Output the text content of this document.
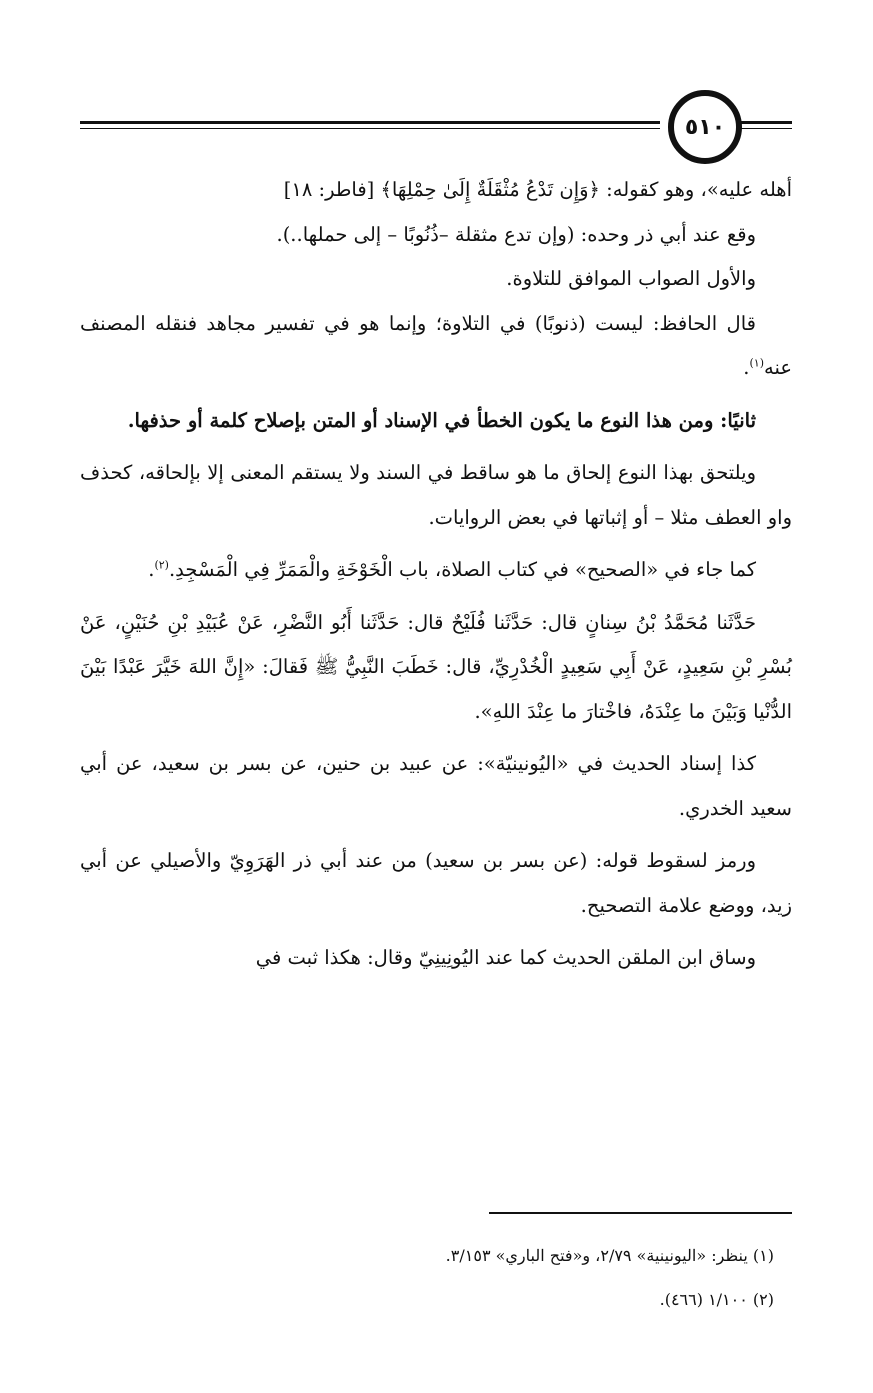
٥١٠

أهله عليه»، وهو كقوله: ﴿وَإِن تَدْعُ مُثْقَلَةٌ إِلَىٰ حِمْلِهَا﴾ [فاطر: ١٨]

وقع عند أبي ذر وحده: (وإن تدع مثقلة –ذُنُوبًا – إلى حملها..).

والأول الصواب الموافق للتلاوة.

قال الحافظ: ليست (ذنوبًا) في التلاوة؛ وإنما هو في تفسير مجاهد فنقله المصنف عنه$^{(١)}$.

ثانيًا: ومن هذا النوع ما يكون الخطأ في الإسناد أو المتن بإصلاح كلمة أو حذفها.

ويلتحق بهذا النوع إلحاق ما هو ساقط في السند ولا يستقم المعنى إلا بإلحاقه، كحذف واو العطف مثلا – أو إثباتها في بعض الروايات.

كما جاء في «الصحيح» في كتاب الصلاة، باب الْخَوْخَةِ والْمَمَرِّ فِي الْمَسْجِدِ.$^{(٢)}$.

حَدَّثَنا مُحَمَّدُ بْنُ سِنانٍ قال: حَدَّثَنا فُلَيْحٌ قال: حَدَّثَنا أَبُو النَّضْرِ، عَنْ عُبَيْدِ بْنِ حُنَيْنٍ، عَنْ بُسْرِ بْنِ سَعِيدٍ، عَنْ أَبِي سَعِيدٍ الْخُدْرِيِّ، قال: خَطَبَ النَّبِيُّ ﷺ فَقالَ: «إِنَّ اللهَ خَيَّرَ عَبْدًا بَيْنَ الدُّنْيا وَبَيْنَ ما عِنْدَهُ، فاخْتارَ ما عِنْدَ اللهِ».

كذا إسناد الحديث في «اليُونينيّة»: عن عبيد بن حنين، عن بسر بن سعيد، عن أبي سعيد الخدري.

ورمز لسقوط قوله: (عن بسر بن سعيد) من عند أبي ذر الهَرَوِيّ والأصيلي عن أبي زيد، ووضع علامة التصحيح.

وساق ابن الملقن الحديث كما عند اليُونِينِيّ وقال: هكذا ثبت في

(١) ينظر: «اليونينية» ٢/٧٩، و«فتح الباري» ٣/١٥٣.

(٢) ١/١٠٠ (٤٦٦).
